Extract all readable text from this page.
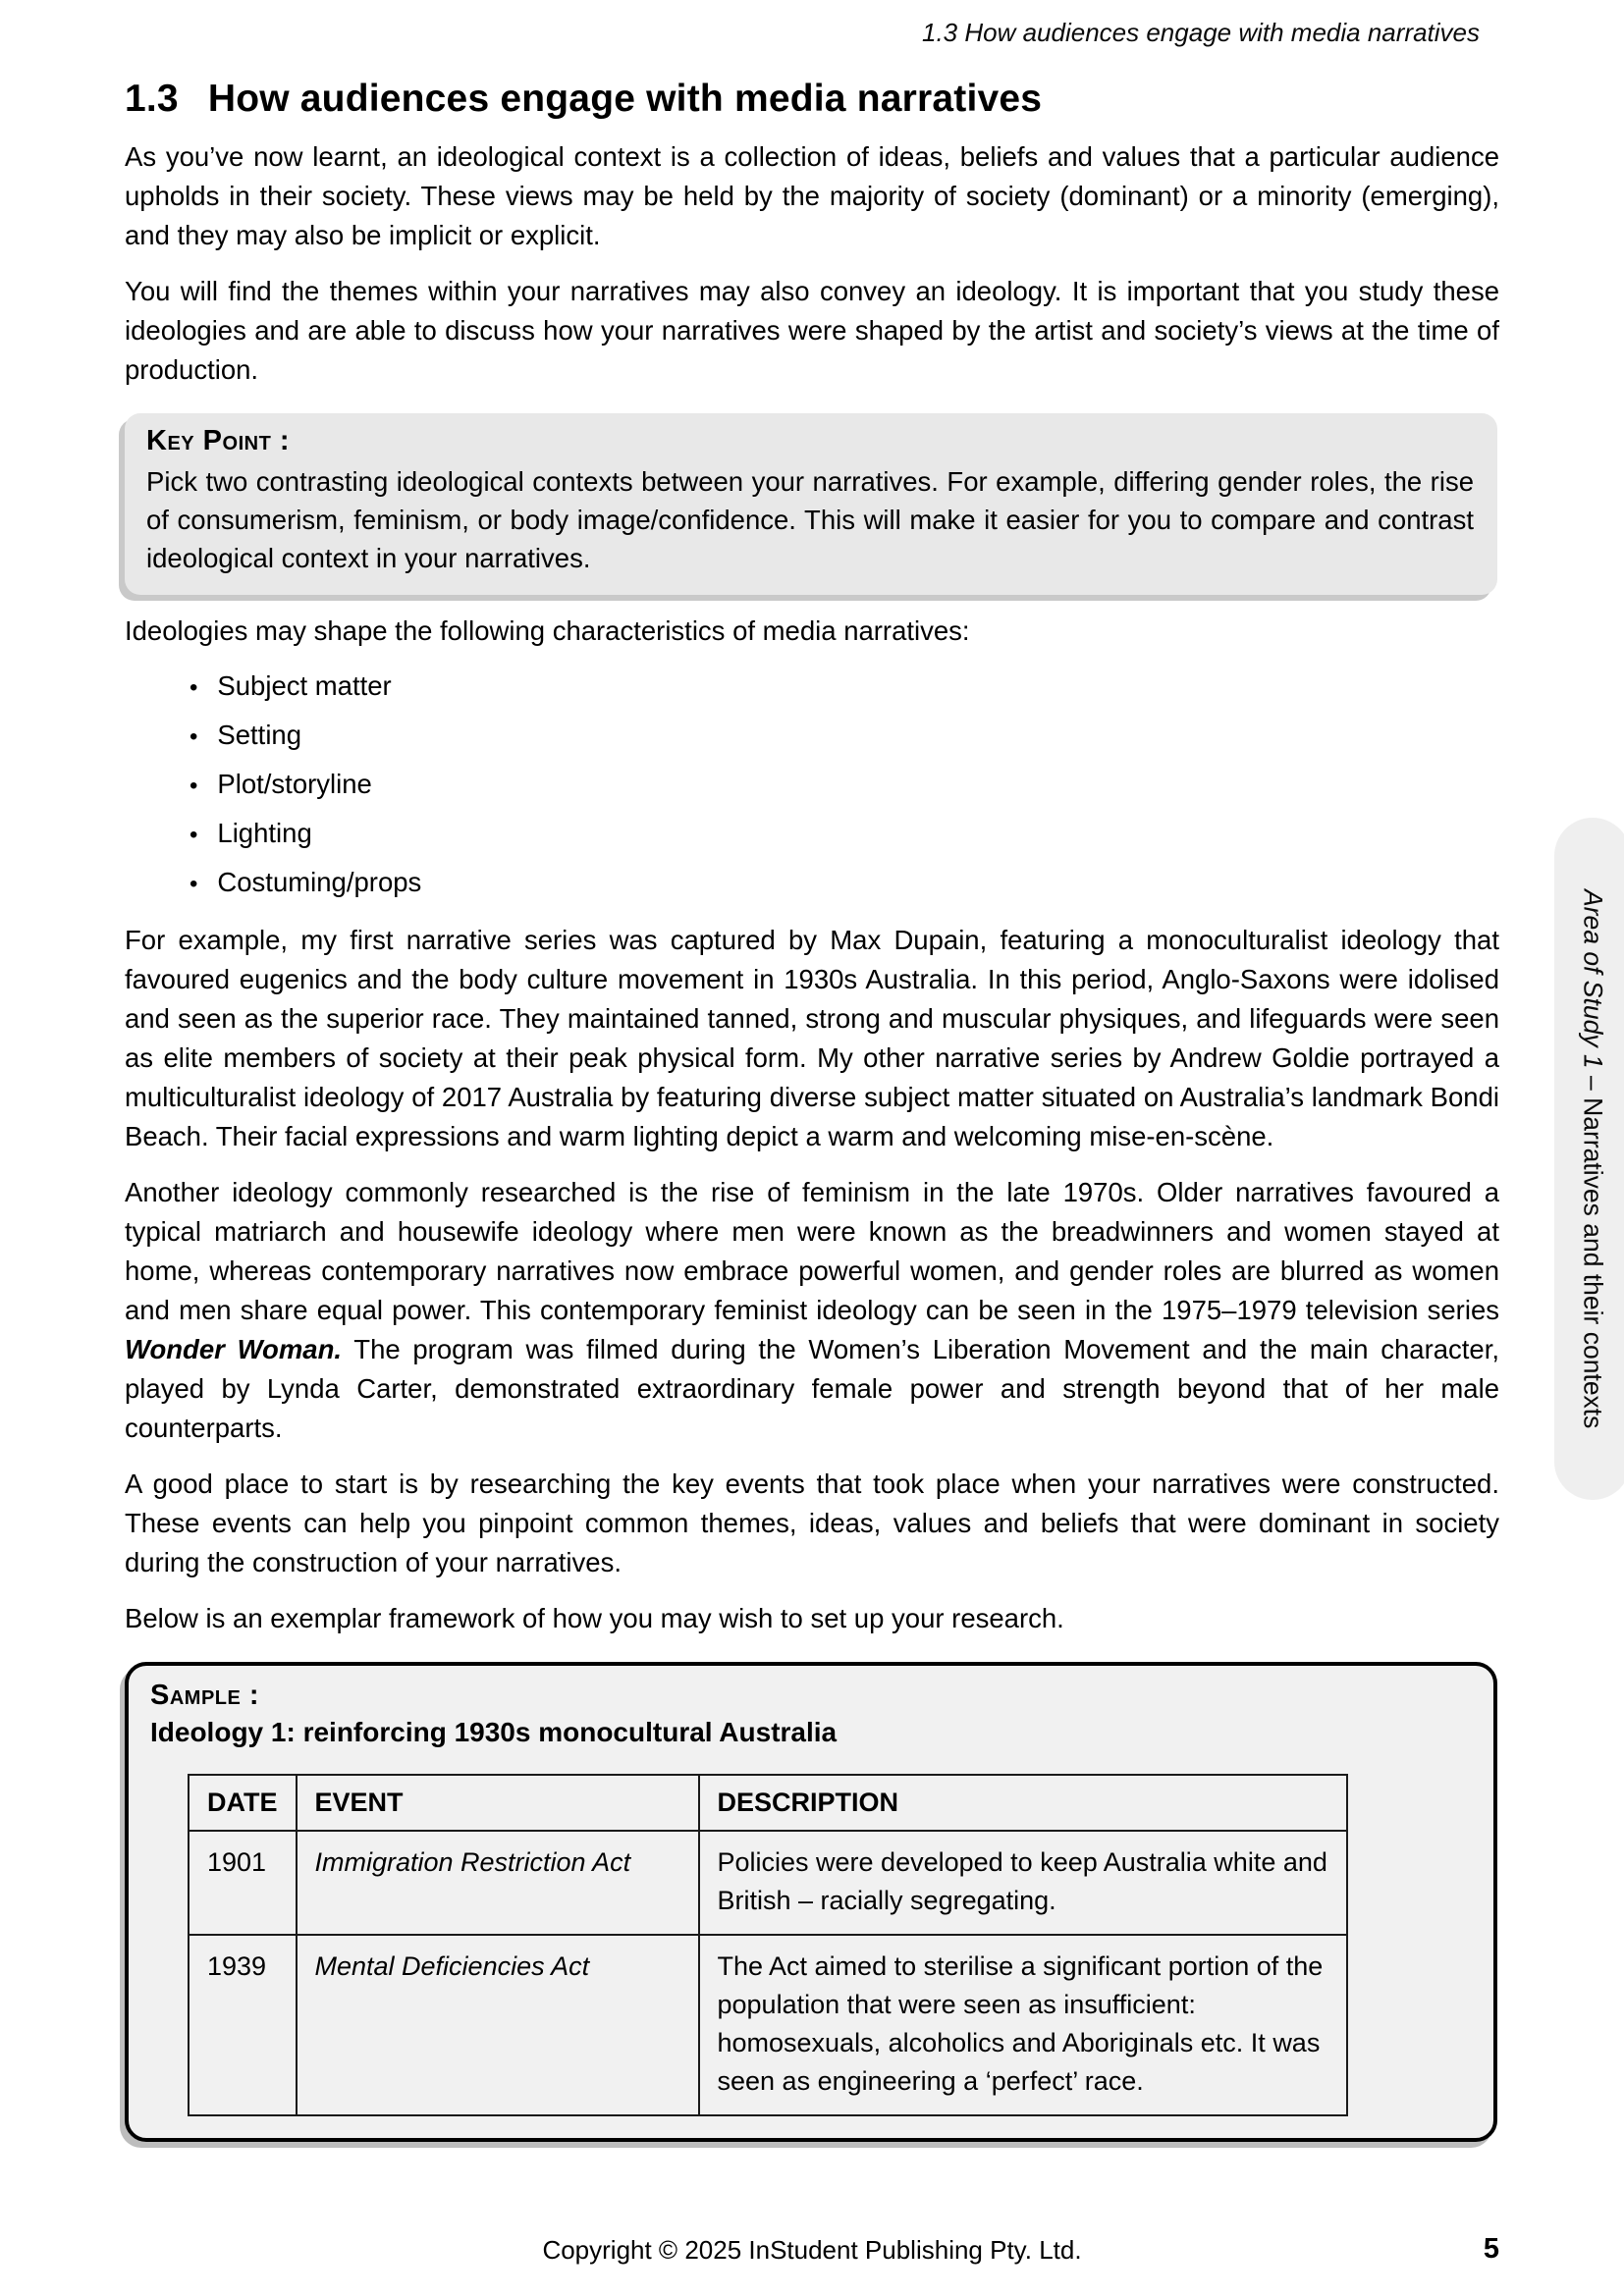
1.3 How audiences engage with media narratives
1.3 How audiences engage with media narratives

As you’ve now learnt, an ideological context is a collection of ideas, beliefs and values that a particular audience upholds in their society. These views may be held by the majority of society (dominant) or a minority (emerging), and they may also be implicit or explicit.

You will find the themes within your narratives may also convey an ideology. It is important that you study these ideologies and are able to discuss how your narratives were shaped by the artist and society’s views at the time of production.

Key Point :
Pick two contrasting ideological contexts between your narratives. For example, differing gender roles, the rise of consumerism, feminism, or body image/confidence. This will make it easier for you to compare and contrast ideological context in your narratives.

Ideologies may shape the following characteristics of media narratives:

• Subject matter
• Setting
• Plot/storyline
• Lighting
• Costuming/props

For example, my first narrative series was captured by Max Dupain, featuring a monoculturalist ideology that favoured eugenics and the body culture movement in 1930s Australia. In this period, Anglo-Saxons were idolised and seen as the superior race. They maintained tanned, strong and muscular physiques, and lifeguards were seen as elite members of society at their peak physical form. My other narrative series by Andrew Goldie portrayed a multiculturalist ideology of 2017 Australia by featuring diverse subject matter situated on Australia’s landmark Bondi Beach. Their facial expressions and warm lighting depict a warm and welcoming mise-en-scène.

Another ideology commonly researched is the rise of feminism in the late 1970s. Older narratives favoured a typical matriarch and housewife ideology where men were known as the breadwinners and women stayed at home, whereas contemporary narratives now embrace powerful women, and gender roles are blurred as women and men share equal power. This contemporary feminist ideology can be seen in the 1975–1979 television series Wonder Woman. The program was filmed during the Women’s Liberation Movement and the main character, played by Lynda Carter, demonstrated extraordinary female power and strength beyond that of her male counterparts.

A good place to start is by researching the key events that took place when your narratives were constructed. These events can help you pinpoint common themes, ideas, values and beliefs that were dominant in society during the construction of your narratives.

Below is an exemplar framework of how you may wish to set up your research.

Sample :
Ideology 1: reinforcing 1930s monocultural Australia
DATE	EVENT	DESCRIPTION
1901	Immigration Restriction Act	Policies were developed to keep Australia white and British – racially segregating.
1939	Mental Deficiencies Act	The Act aimed to sterilise a significant portion of the population that were seen as insufficient: homosexuals, alcoholics and Aboriginals etc. It was seen as engineering a ‘perfect’ race.
Area of Study 1 – Narratives and their contexts
Copyright © 2025 InStudent Publishing Pty. Ltd.	5
